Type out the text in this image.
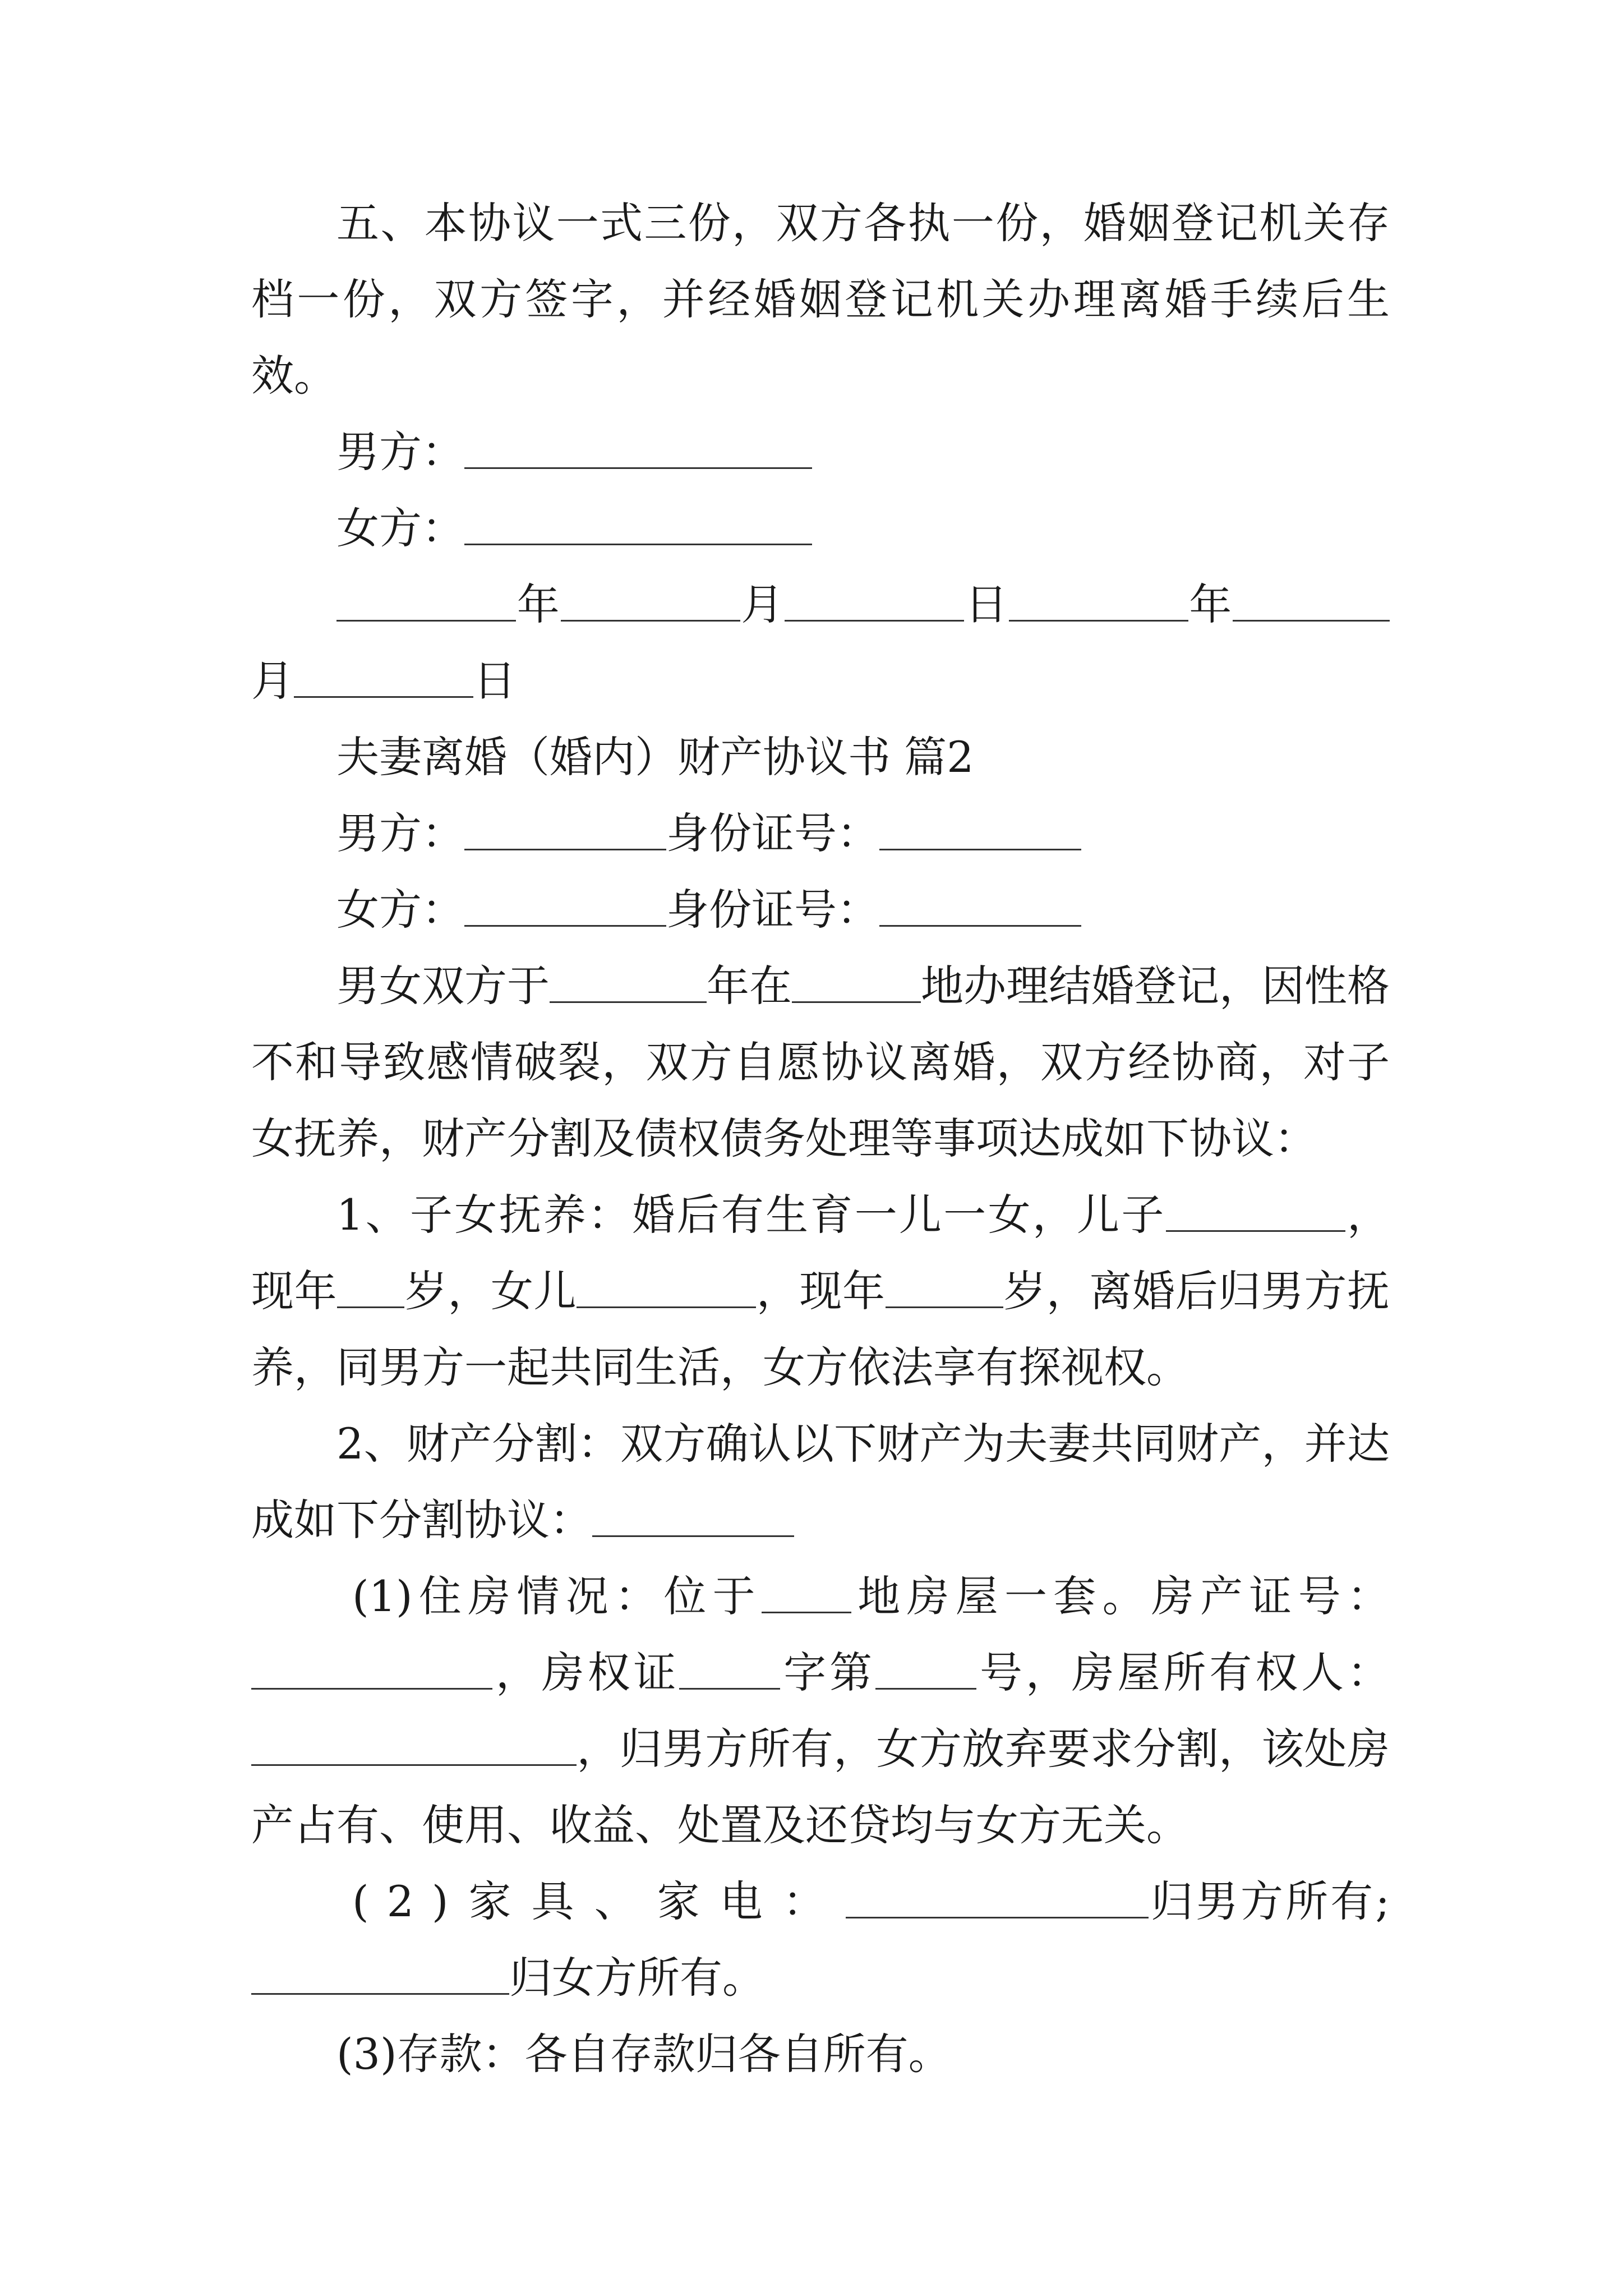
五、本协议一式三份，双方各执一份，婚姻登记机关存档一份，双方签字，并经婚姻登记机关办理离婚手续后生效。

男方：

女方：

年	月	日	年月	日

夫妻离婚（婚内）财产协议书 篇2

男方：	身份证号：

女方：	身份证号：

男女双方于	年在	地办理结婚登记，因性格不和导致感情破裂，双方自愿协议离婚，双方经协商，对子女抚养，财产分割及债权债务处理等事项达成如下协议：

1、子女抚养：婚后有生育一儿一女，儿子	，现年 岁，女儿	，现年	岁，离婚后归男方抚养，同男方一起共同生活，女方依法享有探视权。

2、财产分割：双方确认以下财产为夫妻共同财产，并达成如下分割协议：

(1)住房情况：位于 地房屋一套。房产证号：，房权证 字第 号，房屋所有权人：，归男方所有，女方放弃要求分割，该处房产占有、使用、收益、处置及还贷均与女方无关。

(2)家具、家电：	归男方所有;归女方所有。

(3)存款：各自存款归各自所有。
